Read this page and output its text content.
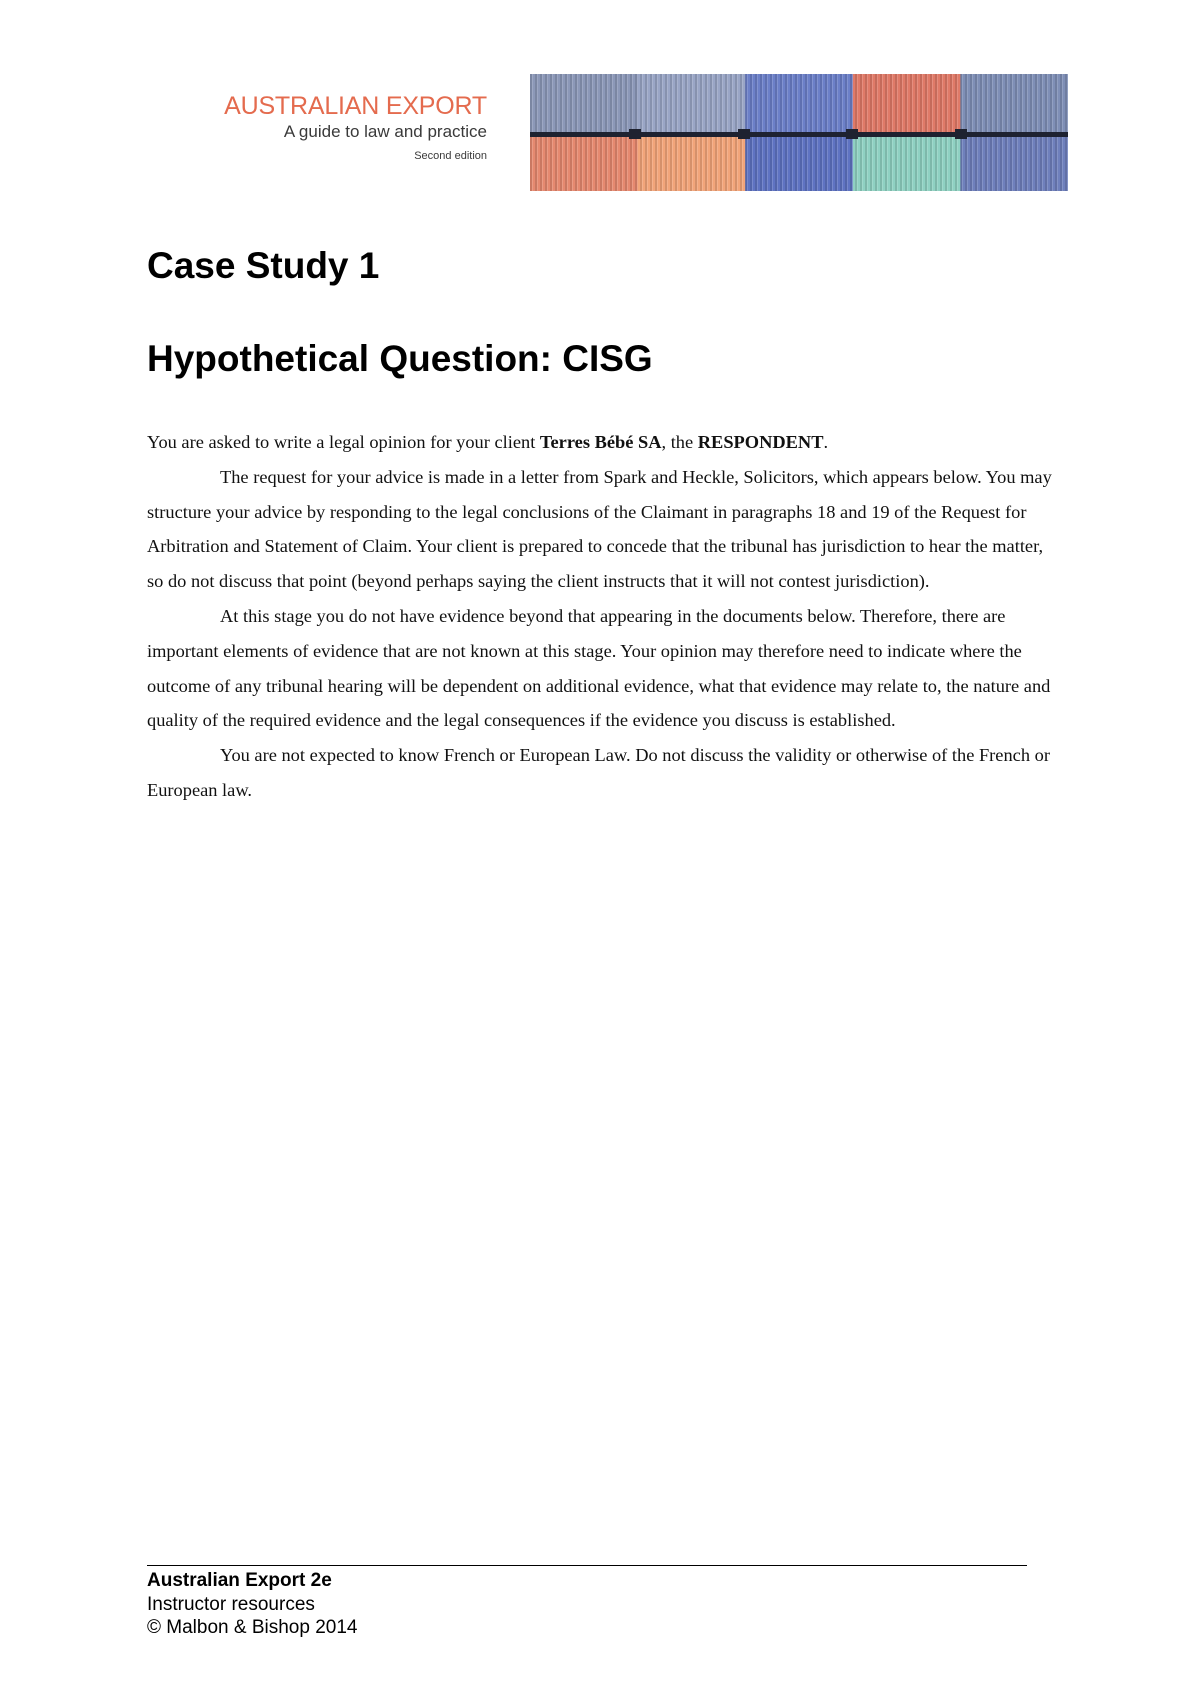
AUSTRALIAN EXPORT
A guide to law and practice
Second edition
Case Study 1
Hypothetical Question: CISG

You are asked to write a legal opinion for your client Terres Bébé SA, the RESPONDENT.

The request for your advice is made in a letter from Spark and Heckle, Solicitors, which appears below. You may structure your advice by responding to the legal conclusions of the Claimant in paragraphs 18 and 19 of the Request for Arbitration and Statement of Claim. Your client is prepared to concede that the tribunal has jurisdiction to hear the matter, so do not discuss that point (beyond perhaps saying the client instructs that it will not contest jurisdiction).

At this stage you do not have evidence beyond that appearing in the documents below. Therefore, there are important elements of evidence that are not known at this stage. Your opinion may therefore need to indicate where the outcome of any tribunal hearing will be dependent on additional evidence, what that evidence may relate to, the nature and quality of the required evidence and the legal consequences if the evidence you discuss is established.

You are not expected to know French or European Law. Do not discuss the validity or otherwise of the French or European law.

Australian Export 2e
Instructor resources
© Malbon & Bishop 2014
